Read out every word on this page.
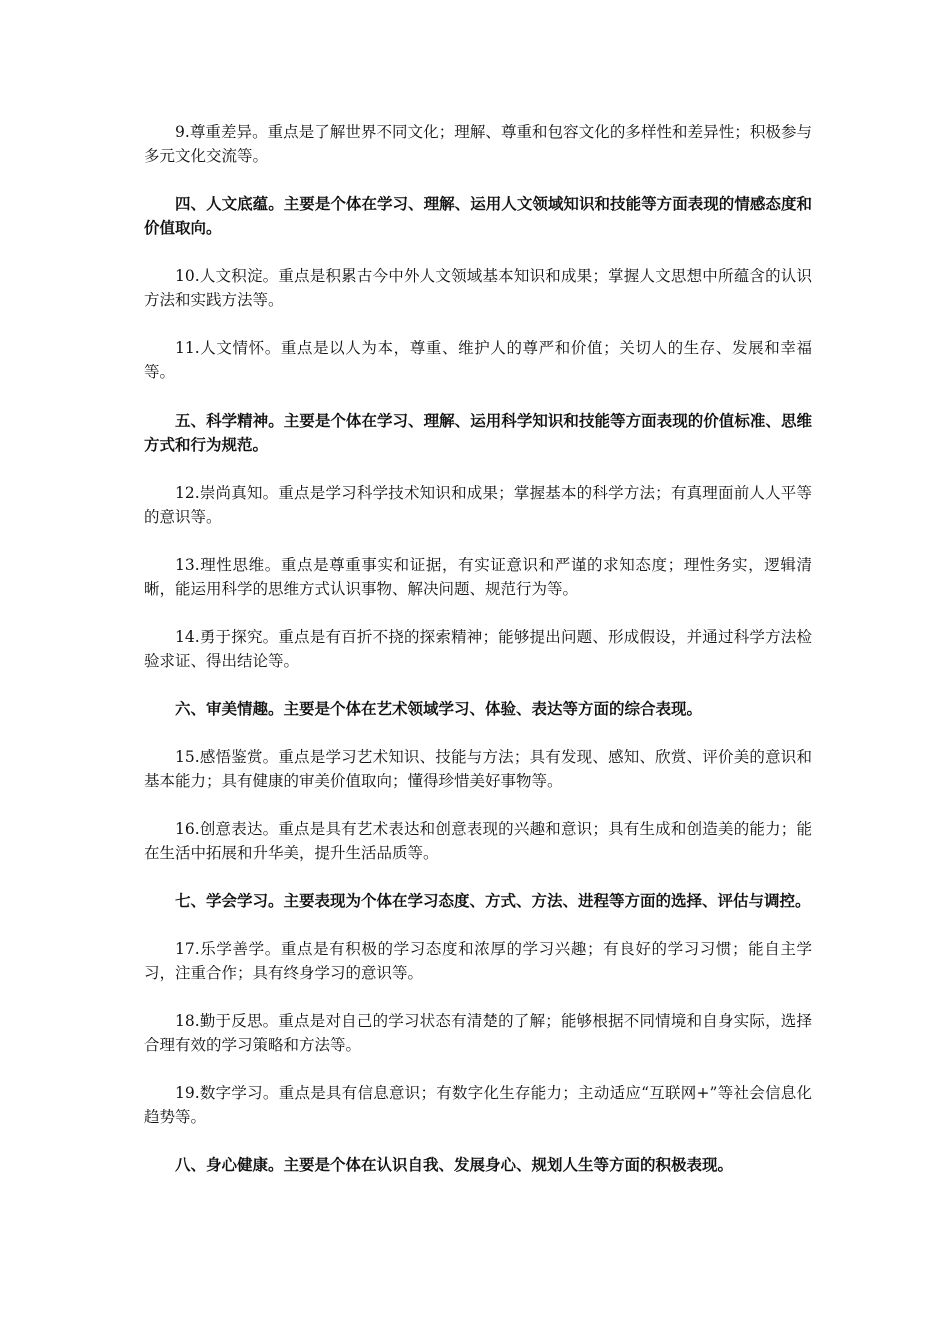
9.尊重差异。重点是了解世界不同文化；理解、尊重和包容文化的多样性和差异性；积极参与多元文化交流等。

四、人文底蕴。主要是个体在学习、理解、运用人文领域知识和技能等方面表现的情感态度和价值取向。

10.人文积淀。重点是积累古今中外人文领域基本知识和成果；掌握人文思想中所蕴含的认识方法和实践方法等。

11.人文情怀。重点是以人为本，尊重、维护人的尊严和价值；关切人的生存、发展和幸福等。

五、科学精神。主要是个体在学习、理解、运用科学知识和技能等方面表现的价值标准、思维方式和行为规范。

12.崇尚真知。重点是学习科学技术知识和成果；掌握基本的科学方法；有真理面前人人平等的意识等。

13.理性思维。重点是尊重事实和证据，有实证意识和严谨的求知态度；理性务实，逻辑清晰，能运用科学的思维方式认识事物、解决问题、规范行为等。

14.勇于探究。重点是有百折不挠的探索精神；能够提出问题、形成假设，并通过科学方法检验求证、得出结论等。

六、审美情趣。主要是个体在艺术领域学习、体验、表达等方面的综合表现。

15.感悟鉴赏。重点是学习艺术知识、技能与方法；具有发现、感知、欣赏、评价美的意识和基本能力；具有健康的审美价值取向；懂得珍惜美好事物等。

16.创意表达。重点是具有艺术表达和创意表现的兴趣和意识；具有生成和创造美的能力；能在生活中拓展和升华美，提升生活品质等。

七、学会学习。主要表现为个体在学习态度、方式、方法、进程等方面的选择、评估与调控。

17.乐学善学。重点是有积极的学习态度和浓厚的学习兴趣；有良好的学习习惯；能自主学习，注重合作；具有终身学习的意识等。

18.勤于反思。重点是对自己的学习状态有清楚的了解；能够根据不同情境和自身实际，选择合理有效的学习策略和方法等。

19.数字学习。重点是具有信息意识；有数字化生存能力；主动适应“互联网+”等社会信息化趋势等。

八、身心健康。主要是个体在认识自我、发展身心、规划人生等方面的积极表现。
